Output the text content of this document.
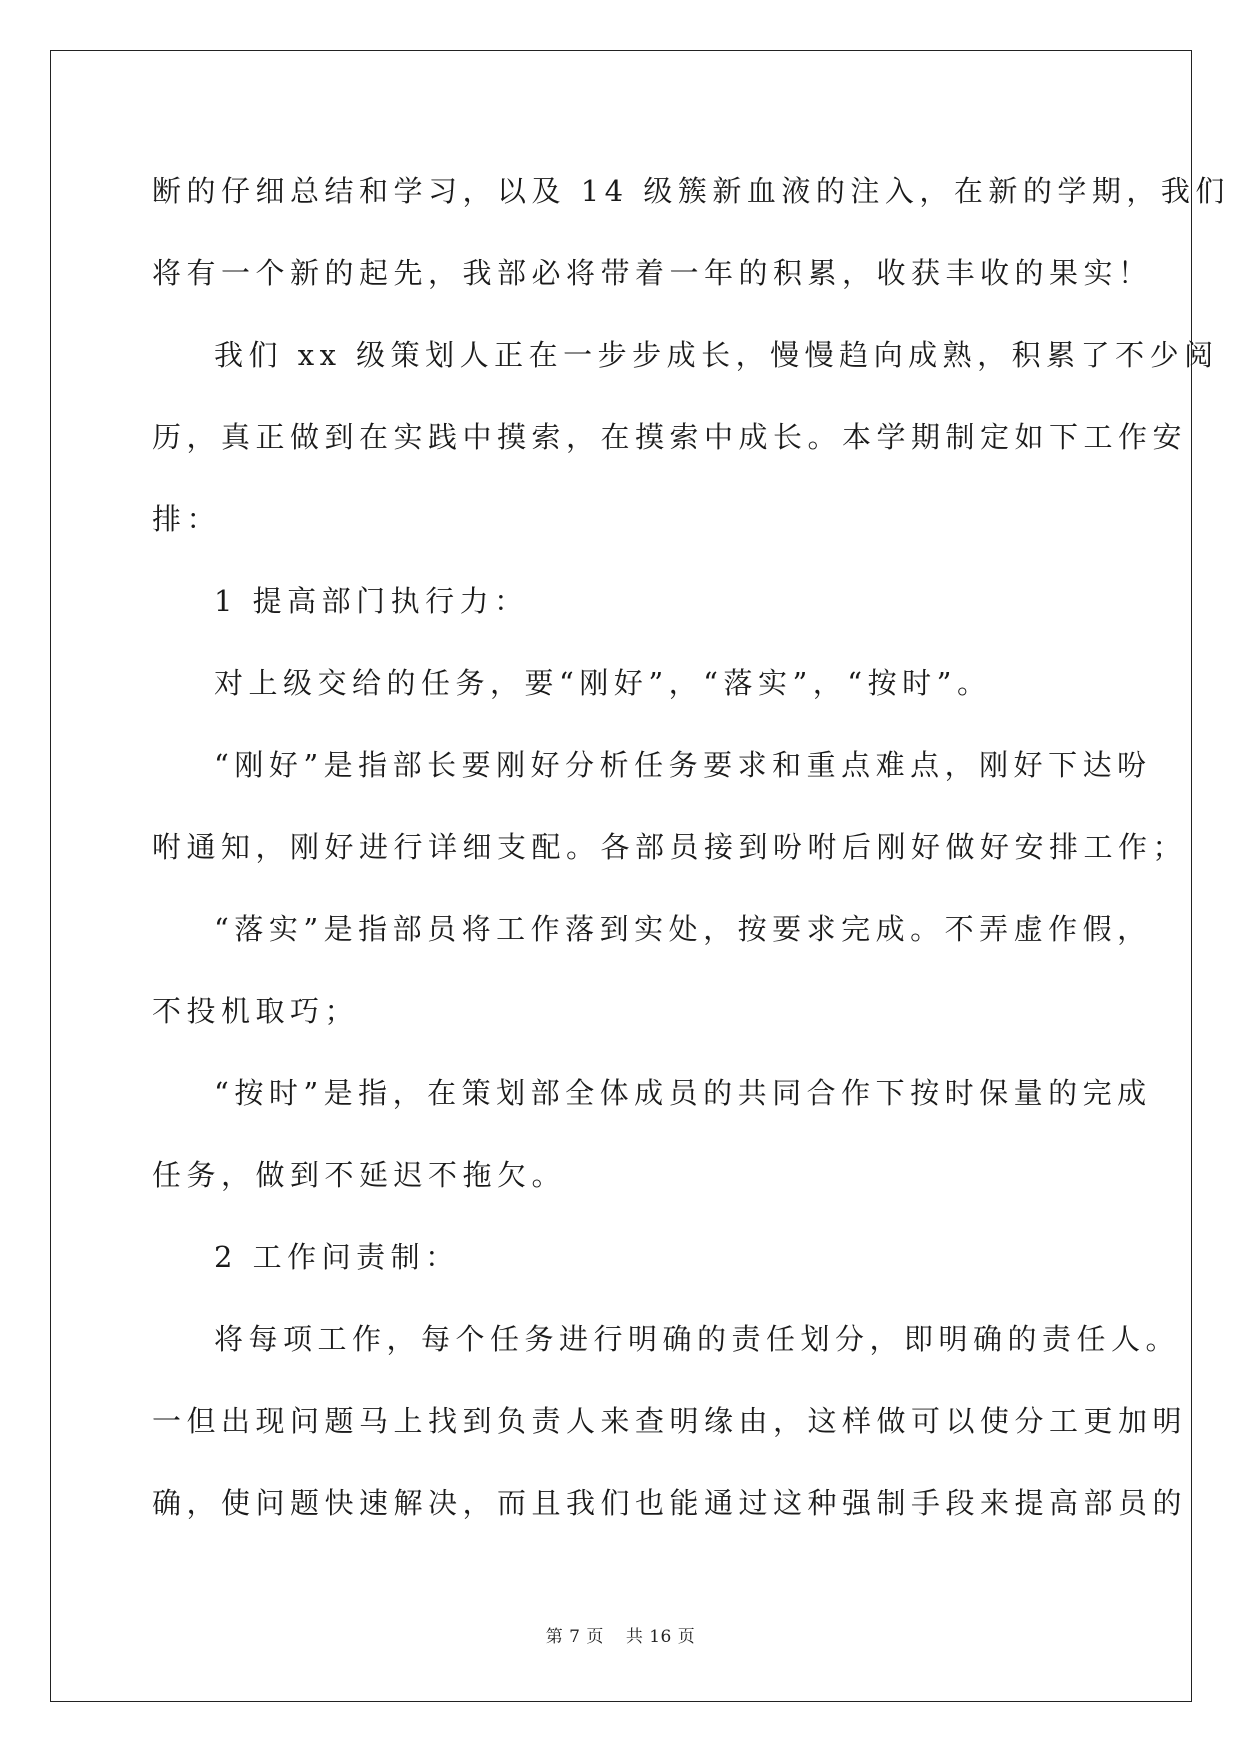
断的仔细总结和学习，以及 14 级簇新血液的注入，在新的学期，我们
将有一个新的起先，我部必将带着一年的积累，收获丰收的果实！
我们 xx 级策划人正在一步步成长，慢慢趋向成熟，积累了不少阅
历，真正做到在实践中摸索，在摸索中成长。本学期制定如下工作安
排：
1 提高部门执行力：
对上级交给的任务，要“刚好”，“落实”，“按时”。
“刚好”是指部长要刚好分析任务要求和重点难点，刚好下达吩
咐通知，刚好进行详细支配。各部员接到吩咐后刚好做好安排工作；
“落实”是指部员将工作落到实处，按要求完成。不弄虚作假，
不投机取巧；
“按时”是指，在策划部全体成员的共同合作下按时保量的完成
任务，做到不延迟不拖欠。
2 工作问责制：
将每项工作，每个任务进行明确的责任划分，即明确的责任人。
一但出现问题马上找到负责人来查明缘由，这样做可以使分工更加明
确，使问题快速解决，而且我们也能通过这种强制手段来提高部员的
第 7 页 共 16 页
